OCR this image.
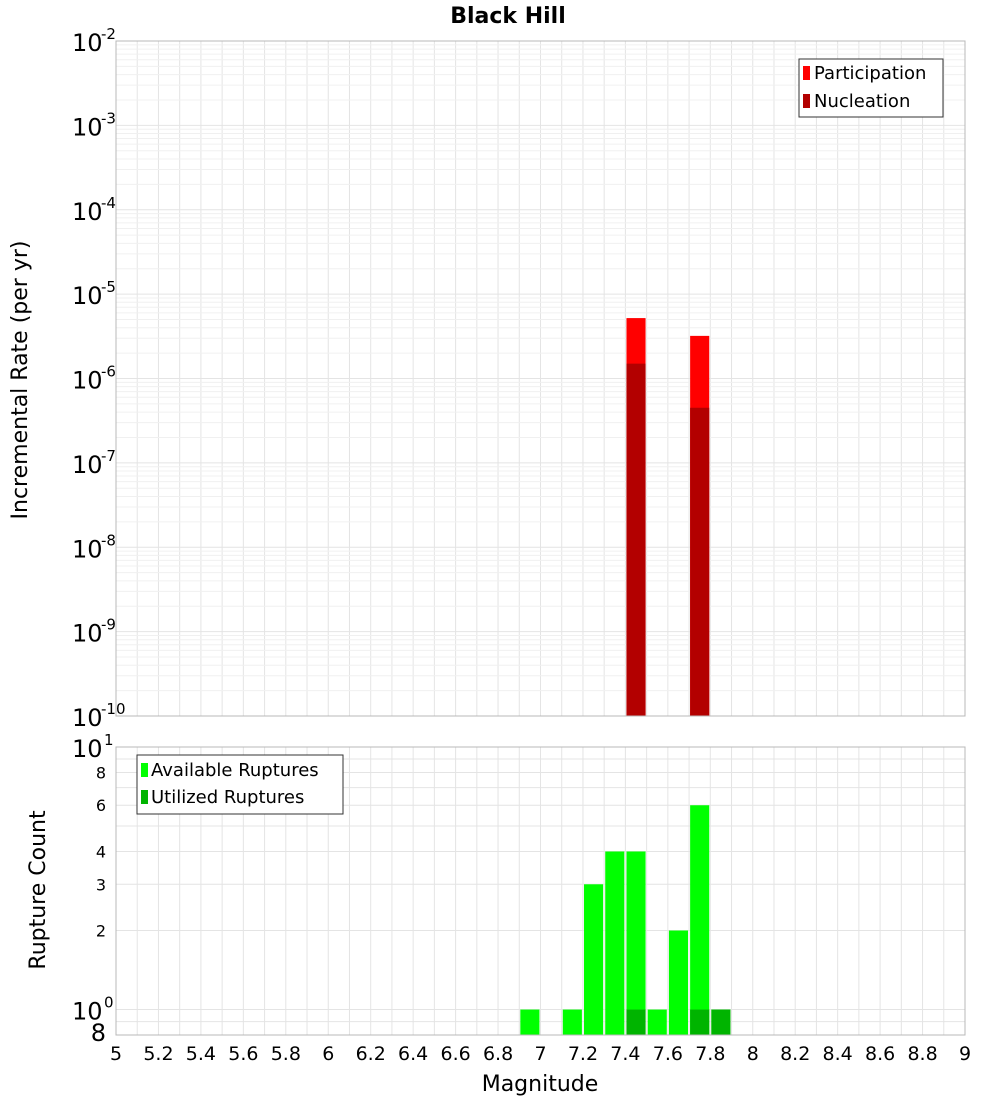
Black Hill
Incremental Rate (per yr)
Rupture Count
Magnitude
10
-2
10
-3
10
-4
10
-5
10
-6
10
-7
10
-8
10
-9
10
-10
10 1
10 0
8
6
4
3
2
8
5 5.2 5.4 5.6 5.8 6 6.2 6.4 6.6 6.8 7 7.2 7.4 7.6 7.8 8 8.2 8.4 8.6 8.8 9
Participation
Nucleation
Available Ruptures
Utilized Ruptures
